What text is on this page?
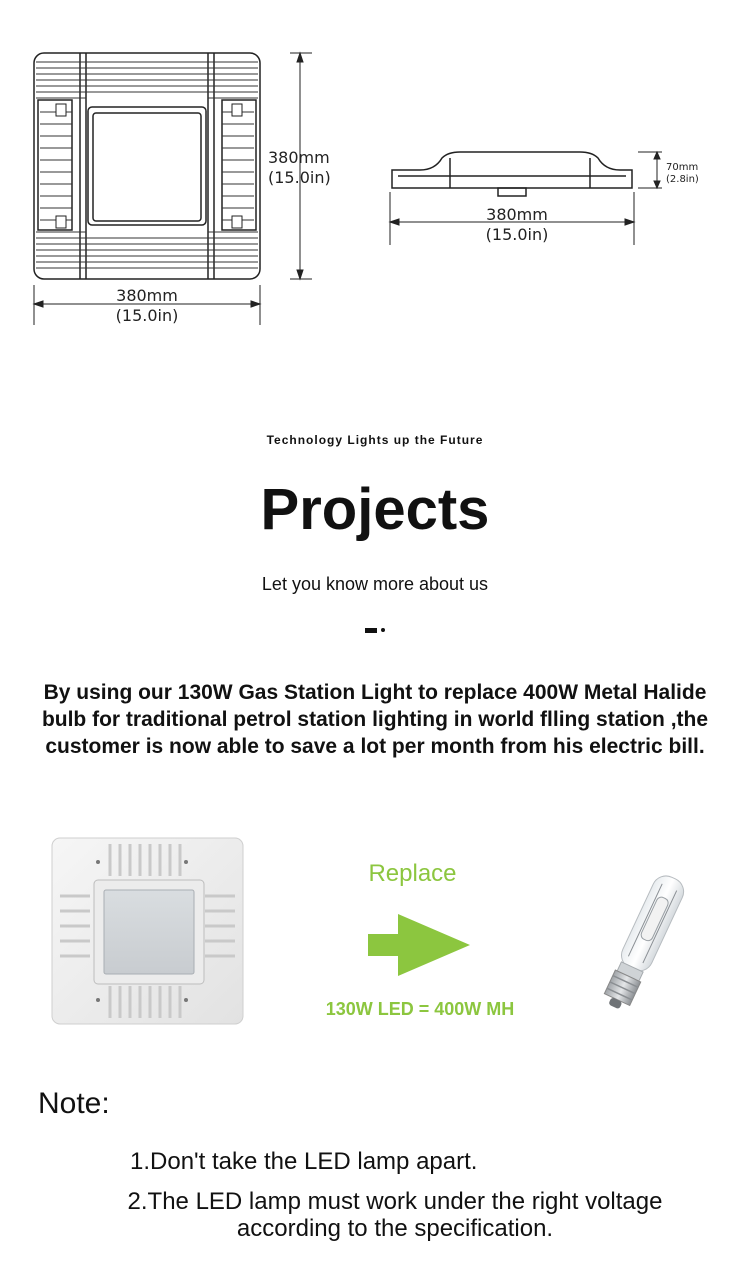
380mm
(15.0in)
380mm
(15.0in)
380mm
(15.0in)
70mm
(2.8in)
Technology Lights up the Future
Projects
Let you know more about us
By using our 130W Gas Station Light to replace 400W Metal Halide bulb for traditional petrol station lighting in world flling station ,the customer is now able to save a lot per month from his electric bill.
Replace
130W LED = 400W MH
Note:
1.Don't take the LED lamp apart.
2.The LED lamp must work under the right voltage according to the specification.
